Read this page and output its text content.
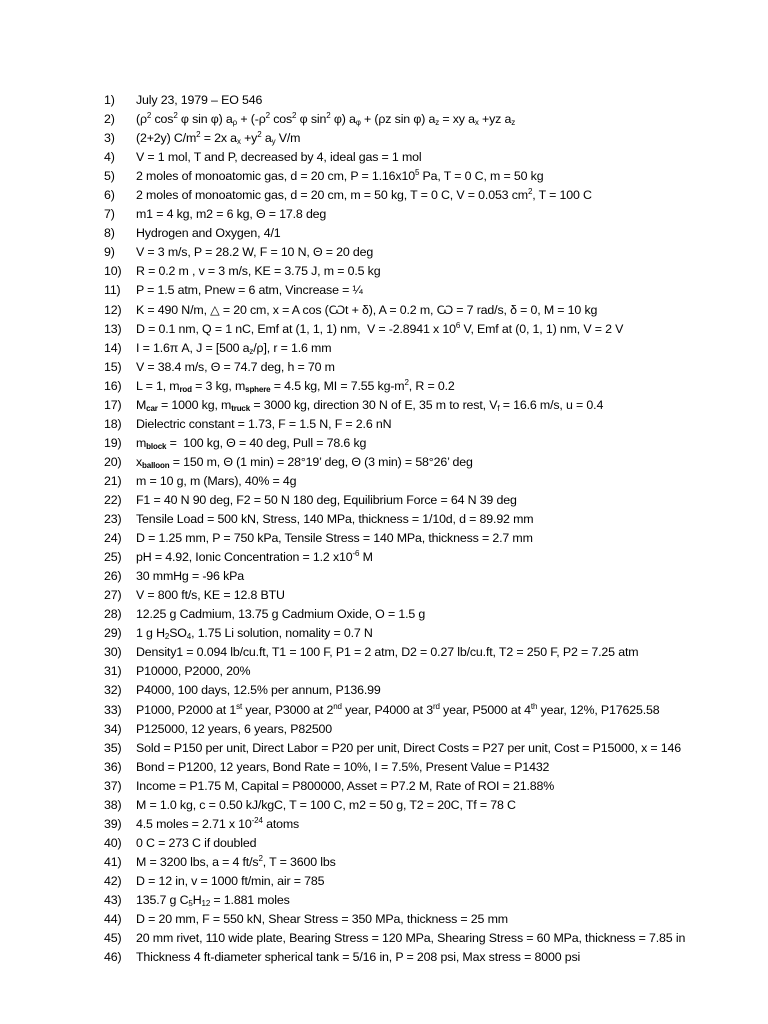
1) July 23, 1979 – EO 546
2) ($\rho^2$ $\cos^2 \varphi$ sin φ) $a_\rho + (-\rho^2$ $\cos^2 \varphi$ $\sin^2 \varphi$) $a_\varphi + (\rho z$ sin φ) $a_z$ = xy $a_x +yz$ $a_z$
3) (2+2y) $C/m^2 = 2x$ $a_x +y^2$ $a_y$ V/m
4) V = 1 mol, T and P, decreased by 4, ideal gas = 1 mol
5) 2 moles of monoatomic gas, d = 20 cm, $P = 1.16x10^5$ Pa, T = 0 C, m = 50 kg
6) 2 moles of monoatomic gas, d = 20 cm, m = 50 kg, T = 0 C, V = 0.053 $cm^2$, T = 100 C
7) m1 = 4 kg, m2 = 6 kg, Θ = 17.8 deg
8) Hydrogen and Oxygen, 4/1
9) V = 3 m/s, P = 28.2 W, F = 10 N, Θ = 20 deg
10) R = 0.2 m , v = 3 m/s, KE = 3.75 J, m = 0.5 kg
11) P = 1.5 atm, Pnew = 6 atm, Vincrease = ¼
12) K = 490 N/m, △ = 20 cm, x = A cos (Ѡt + δ), A = 0.2 m, Ѡ = 7 rad/s, δ = 0, M = 10 kg
13) D = 0.1 nm, Q = 1 nC, Emf at (1, 1, 1) nm,  V = -2.8941 x $10^6$ V, Emf at (0, 1, 1) nm, V = 2 V
14) I = 1.6π A, J = [500 $a_z/\rho$], r = 1.6 mm
15) V = 38.4 m/s, Θ = 74.7 deg, h = 70 m
16) L = 1, $m_{rod} = 3$ kg, $m_{sphere} = 4.5$ kg, MI = 7.55 $kg-m^2$, R = 0.2
17) $M_{car} = 1000$ kg, $m_{truck} = 3000$ kg, direction 30 N of E, 35 m to rest, $V_f = 16.6$ m/s, u = 0.4
18) Dielectric constant = 1.73, F = 1.5 N, F = 2.6 nN
19) $m_{block} = 100$ kg, Θ = 40 deg, Pull = 78.6 kg
20) $x_{balloon} = 150$ m, Θ (1 min) = 28°19’ deg, Θ (3 min) = 58°26’ deg
21) m = 10 g, m (Mars), 40% = 4g
22) F1 = 40 N 90 deg, F2 = 50 N 180 deg, Equilibrium Force = 64 N 39 deg
23) Tensile Load = 500 kN, Stress, 140 MPa, thickness = 1/10d, d = 89.92 mm
24) D = 1.25 mm, P = 750 kPa, Tensile Stress = 140 MPa, thickness = 2.7 mm
25) pH = 4.92, Ionic Concentration = 1.2 $x10^{-6}$ M
26) 30 mmHg = -96 kPa
27) V = 800 ft/s, KE = 12.8 BTU
28) 12.25 g Cadmium, 13.75 g Cadmium Oxide, O = 1.5 g
29) 1 g $H_2SO_4$, 1.75 Li solution, nomality = 0.7 N
30) Density1 = 0.094 lb/cu.ft, T1 = 100 F, P1 = 2 atm, D2 = 0.27 lb/cu.ft, T2 = 250 F, P2 = 7.25 atm
31) P10000, P2000, 20%
32) P4000, 100 days, 12.5% per annum, P136.99
33) P1000, P2000 at 1st year, P3000 at 2nd year, P4000 at 3rd year, P5000 at 4th year, 12%, P17625.58
34) P125000, 12 years, 6 years, P82500
35) Sold = P150 per unit, Direct Labor = P20 per unit, Direct Costs = P27 per unit, Cost = P15000, x = 146
36) Bond = P1200, 12 years, Bond Rate = 10%, I = 7.5%, Present Value = P1432
37) Income = P1.75 M, Capital = P800000, Asset = P7.2 M, Rate of ROI = 21.88%
38) M = 1.0 kg, c = 0.50 kJ/kgC, T = 100 C, m2 = 50 g, T2 = 20C, Tf = 78 C
39) 4.5 moles = 2.71 x $10^{-24}$ atoms
40) 0 C = 273 C if doubled
41) M = 3200 lbs, a = 4 $ft/s^2$, T = 3600 lbs
42) D = 12 in, v = 1000 ft/min, air = 785
43) 135.7 g $C_5H_{12} = 1.881$ moles
44) D = 20 mm, F = 550 kN, Shear Stress = 350 MPa, thickness = 25 mm
45) 20 mm rivet, 110 wide plate, Bearing Stress = 120 MPa, Shearing Stress = 60 MPa, thickness = 7.85 in
46) Thickness 4 ft-diameter spherical tank = 5/16 in, P = 208 psi, Max stress = 8000 psi
